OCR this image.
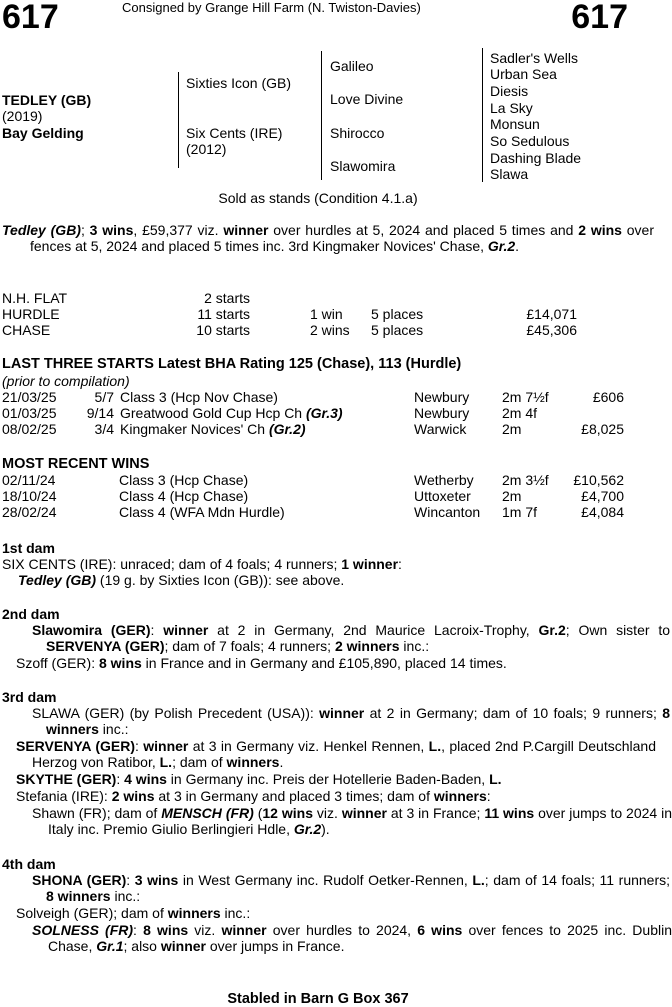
617	617
Consigned by Grange Hill Farm (N. Twiston-Davies)
TEDLEY (GB)
(2019)
Bay Gelding
Sixties Icon (GB)
Six Cents (IRE)
(2012)
Galileo
Love Divine
Shirocco
Slawomira
Sadler's Wells
Urban Sea
Diesis
La Sky
Monsun
So Sedulous
Dashing Blade
Slawa
Sold as stands (Condition 4.1.a)
Tedley (GB); 3 wins, £59,377 viz. winner over hurdles at 5, 2024 and placed 5 times and 2 wins over fences at 5, 2024 and placed 5 times inc. 3rd Kingmaker Novices' Chase, Gr.2.
N.H. FLAT	2 starts			
HURDLE	11 starts	1 win	5 places	£14,071
CHASE	10 starts	2 wins	5 places	£45,306
LAST THREE STARTS Latest BHA Rating 125 (Chase), 113 (Hurdle)
(prior to compilation)
21/03/25	5/7	Class 3 (Hcp Nov Chase)	Newbury	2m 7½f	£606
01/03/25	9/14	Greatwood Gold Cup Hcp Ch (Gr.3)	Newbury	2m 4f	
08/02/25	3/4	Kingmaker Novices' Ch (Gr.2)	Warwick	2m	£8,025
MOST RECENT WINS
02/11/24	Class 3 (Hcp Chase)	Wetherby	2m 3½f	£10,562
18/10/24	Class 4 (Hcp Chase)	Uttoxeter	2m	£4,700
28/02/24	Class 4 (WFA Mdn Hurdle)	Wincanton	1m 7f	£4,084
1st dam
SIX CENTS (IRE): unraced; dam of 4 foals; 4 runners; 1 winner:
Tedley (GB) (19 g. by Sixties Icon (GB)): see above.
2nd dam
Slawomira (GER): winner at 2 in Germany, 2nd Maurice Lacroix-Trophy, Gr.2; Own sister to SERVENYA (GER); dam of 7 foals; 4 runners; 2 winners inc.:
Szoff (GER): 8 wins in France and in Germany and £105,890, placed 14 times.
3rd dam
SLAWA (GER) (by Polish Precedent (USA)): winner at 2 in Germany; dam of 10 foals; 9 runners; 8 winners inc.:
SERVENYA (GER): winner at 3 in Germany viz. Henkel Rennen, L., placed 2nd P.Cargill Deutschland Herzog von Ratibor, L.; dam of winners.
SKYTHE (GER): 4 wins in Germany inc. Preis der Hotellerie Baden-Baden, L.
Stefania (IRE): 2 wins at 3 in Germany and placed 3 times; dam of winners:
Shawn (FR); dam of MENSCH (FR) (12 wins viz. winner at 3 in France; 11 wins over jumps to 2024 in Italy inc. Premio Giulio Berlingieri Hdle, Gr.2).
4th dam
SHONA (GER): 3 wins in West Germany inc. Rudolf Oetker-Rennen, L.; dam of 14 foals; 11 runners; 8 winners inc.:
Solveigh (GER); dam of winners inc.:
SOLNESS (FR): 8 wins viz. winner over hurdles to 2024, 6 wins over fences to 2025 inc. Dublin Chase, Gr.1; also winner over jumps in France.
Stabled in Barn G Box 367
